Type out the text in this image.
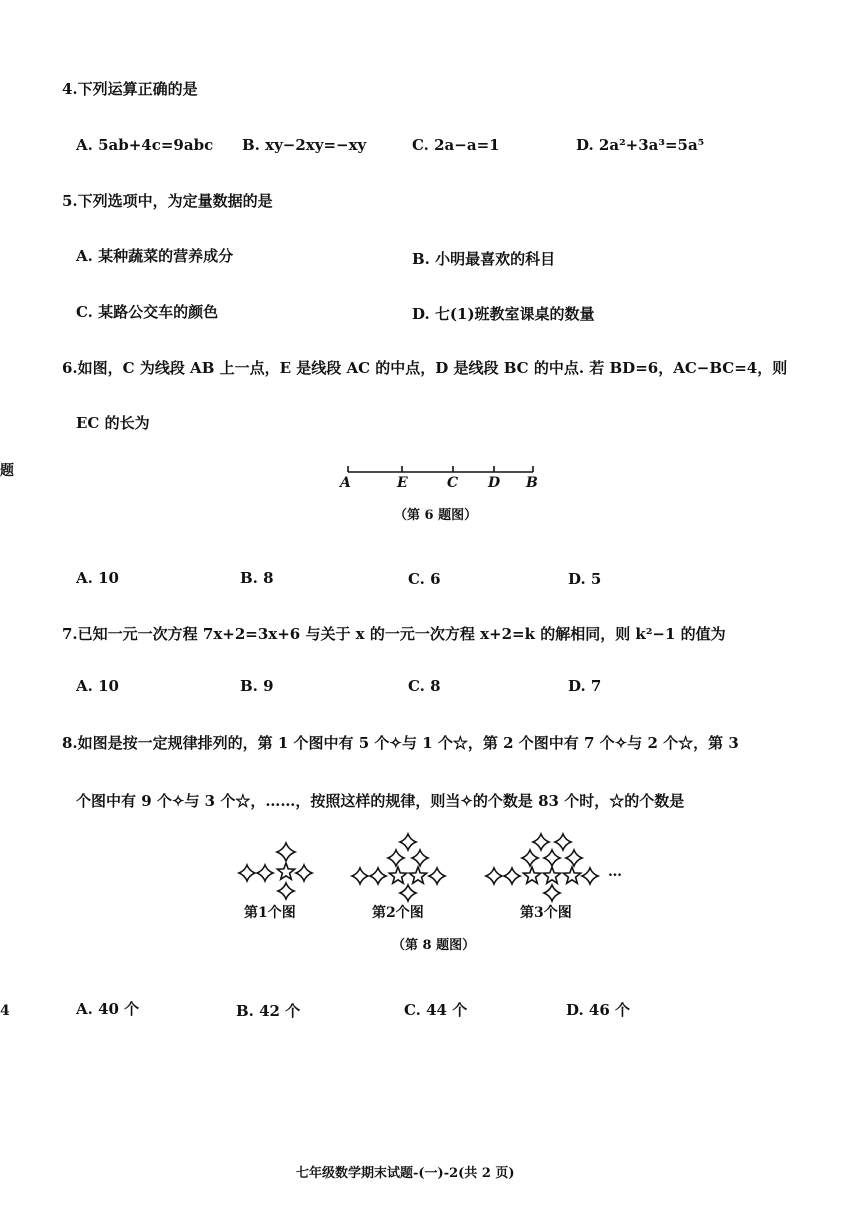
4.下列运算正确的是
A. 5ab+4c=9abc B. xy−2xy=−xy	C. 2a−a=1	D. 2a²+3a³=5a⁵
5.下列选项中，为定量数据的是
A. 某种蔬菜的营养成分	B. 小明最喜欢的科目
C. 某路公交车的颜色	D. 七(1)班教室课桌的数量
6.如图，C 为线段 AB 上一点，E 是线段 AC 的中点，D 是线段 BC 的中点. 若 BD=6，AC−BC=4，则
EC 的长为
题
A	E	C D B
（第 6 题图）
A. 10	B. 8	C. 6	D. 5
7.已知一元一次方程 7x+2=3x+6 与关于 x 的一元一次方程 x+2=k 的解相同，则 k²−1 的值为
A. 10	B. 9	C. 8	D. 7
8.如图是按一定规律排列的，第 1 个图中有 5 个✧与 1 个☆，第 2 个图中有 7 个✧与 2 个☆，第 3
个图中有 9 个✧与 3 个☆，……，按照这样的规律，则当✧的个数是 83 个时，☆的个数是
第1个图	第2个图	第3个图
…
（第 8 题图）
A. 40 个	B. 42 个	C. 44 个	D. 46 个
4
七年级数学期末试题-(一)-2(共 2 页)
